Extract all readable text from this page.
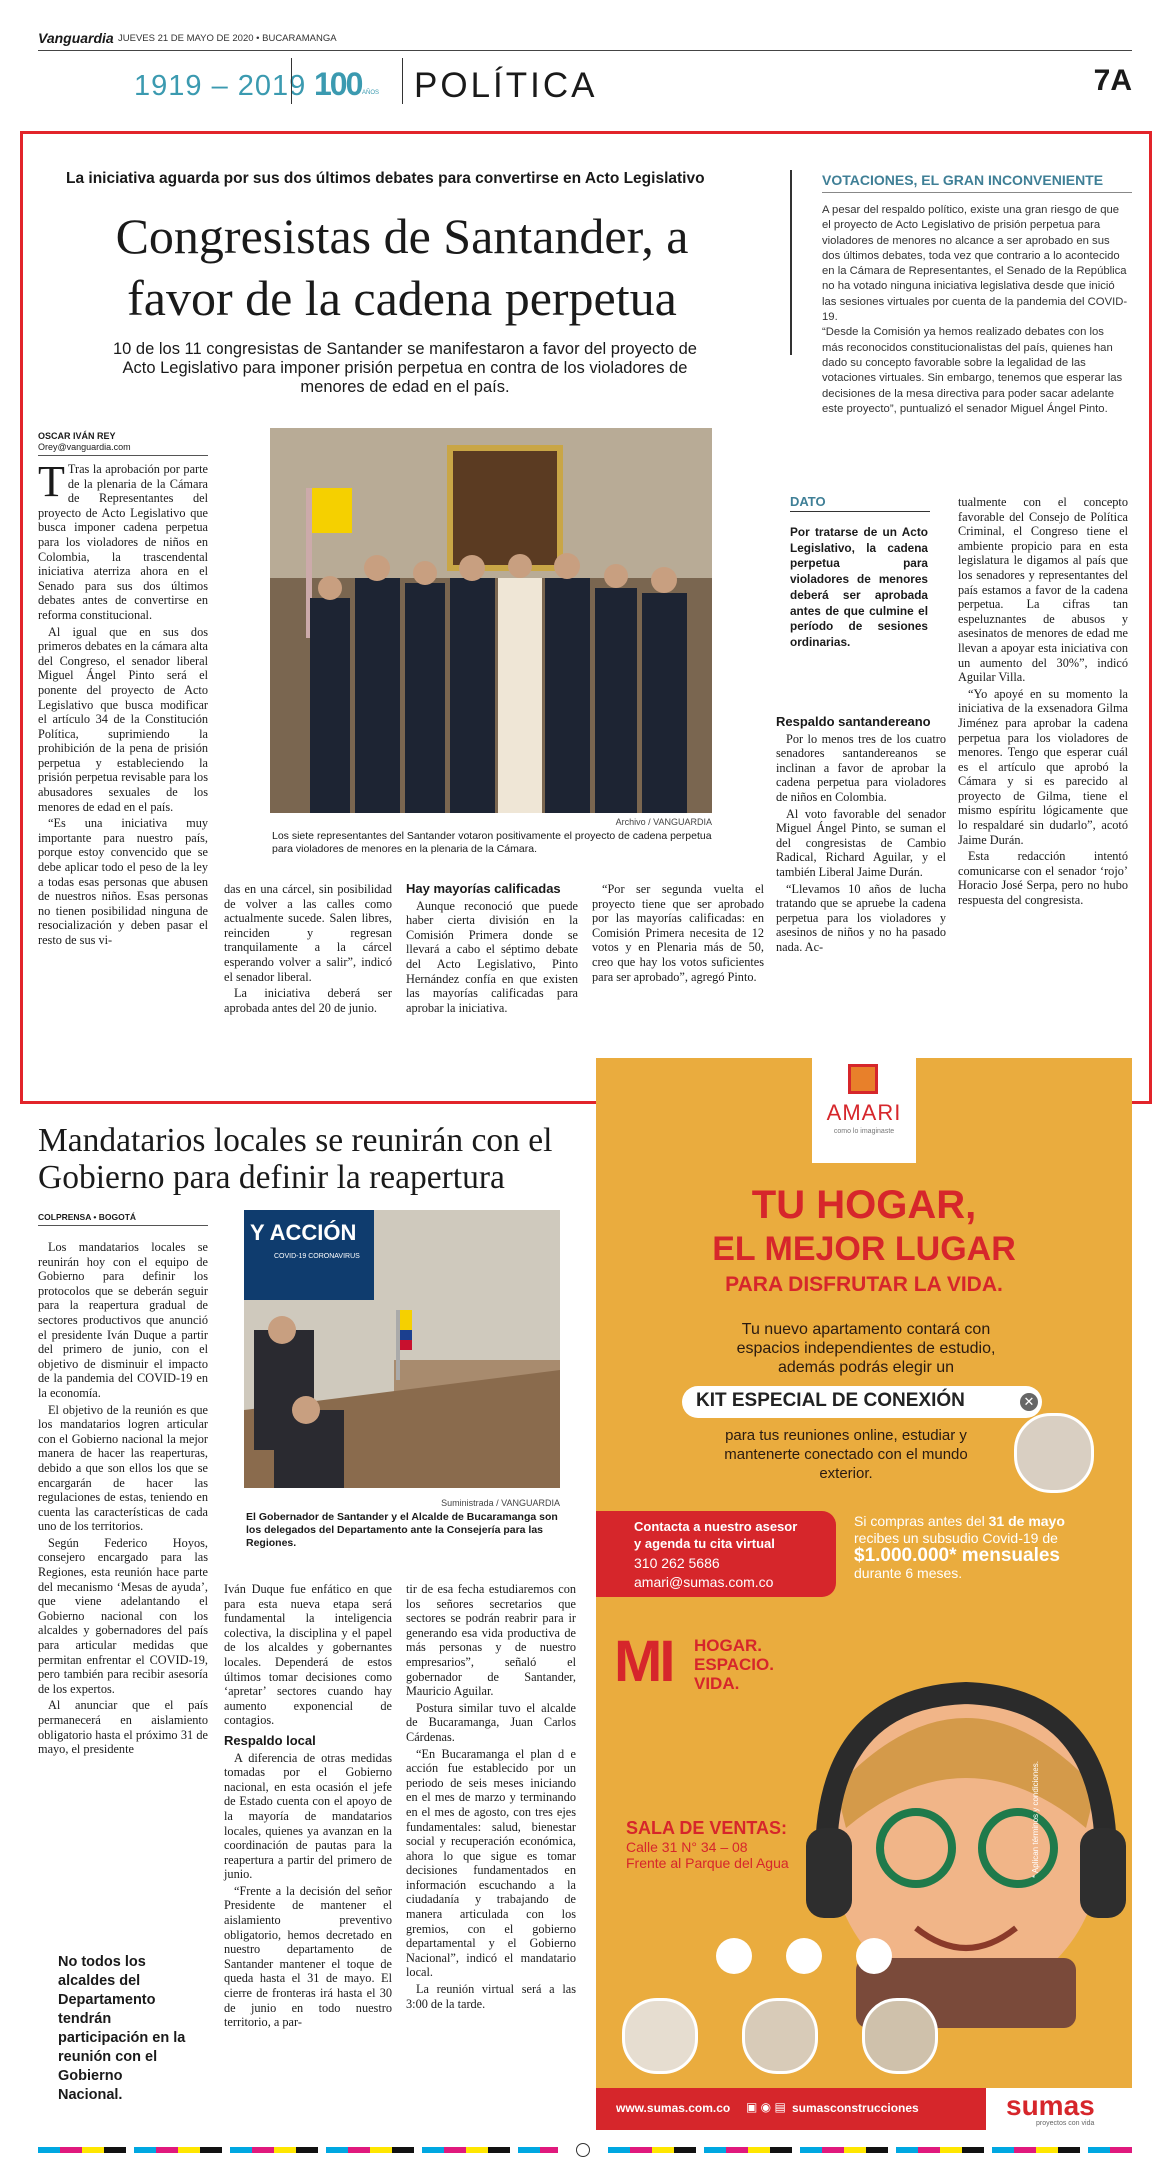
Vanguardia JUEVES 21 DE MAYO DE 2020 • BUCARAMANGA
1919 – 2019 100 AÑOS POLÍTICA	7A
La iniciativa aguarda por sus dos últimos debates para convertirse en Acto Legislativo
Congresistas de Santander, a
favor de la cadena perpetua
10 de los 11 congresistas de Santander se manifestaron a favor del proyecto de Acto Legislativo para imponer prisión perpetua en contra de los violadores de menores de edad en el país.
OSCAR IVÁN REY
Orey@vanguardia.com

T Tras la aprobación por parte de la plenaria de la Cámara de Representantes del proyecto de Acto Legislativo que busca imponer cadena perpetua para los violadores de niños en Colombia, la trascendental iniciativa aterriza ahora en el Senado para sus dos últimos debates antes de convertirse en reforma constitucional.

Al igual que en sus dos primeros debates en la cámara alta del Congreso, el senador liberal Miguel Ángel Pinto será el ponente del proyecto de Acto Legislativo que busca modificar el artículo 34 de la Constitución Política, suprimiendo la prohibición de la pena de prisión perpetua y estableciendo la prisión perpetua revisable para los abusadores sexuales de los menores de edad en el país.

“Es una iniciativa muy importante para nuestro país, porque estoy convencido que se debe aplicar todo el peso de la ley a todas esas personas que abusen de nuestros niños. Esas personas no tienen posibilidad ninguna de resocialización y deben pasar el resto de sus vi-

Archivo / VANGUARDIA
Los siete representantes del Santander votaron positivamente el proyecto de cadena perpetua para violadores de menores en la plenaria de la Cámara.

das en una cárcel, sin posibilidad de volver a las calles como actualmente sucede. Salen libres, reinciden y regresan tranquilamente a la cárcel esperando volver a salir”, indicó el senador liberal.

La iniciativa deberá ser aprobada antes del 20 de junio.

Hay mayorías calificadas

Aunque reconoció que puede haber cierta división en la Comisión Primera donde se llevará a cabo el séptimo debate del Acto Legislativo, Pinto Hernández confía en que existen las mayorías calificadas para aprobar la iniciativa.

“Por ser segunda vuelta el proyecto tiene que ser aprobado por las mayorías calificadas: en Comisión Primera necesita de 12 votos y en Plenaria más de 50, creo que hay los votos suficientes para ser aprobado”, agregó Pinto.

VOTACIONES, EL GRAN INCONVENIENTE
A pesar del respaldo político, existe una gran riesgo de que el proyecto de Acto Legislativo de prisión perpetua para violadores de menores no alcance a ser aprobado en sus dos últimos debates, toda vez que contrario a lo acontecido en la Cámara de Representantes, el Senado de la República no ha votado ninguna iniciativa legislativa desde que inició las sesiones virtuales por cuenta de la pandemia del COVID-19.
“Desde la Comisión ya hemos realizado debates con los más reconocidos constitucionalistas del país, quienes han dado su concepto favorable sobre la legalidad de las votaciones virtuales. Sin embargo, tenemos que esperar las decisiones de la mesa directiva para poder sacar adelante este proyecto”, puntualizó el senador Miguel Ángel Pinto.
DATO
Por tratarse de un Acto Legislativo, la cadena perpetua para violadores de menores deberá ser aprobada antes de que culmine el período de sesiones ordinarias.
Respaldo santandereano

Por lo menos tres de los cuatro senadores santandereanos se inclinan a favor de aprobar la cadena perpetua para violadores de niños en Colombia.

Al voto favorable del senador Miguel Ángel Pinto, se suman el del congresistas de Cambio Radical, Richard Aguilar, y el también Liberal Jaime Durán.

“Llevamos 10 años de lucha tratando que se apruebe la cadena perpetua para los violadores y asesinos de niños y no ha pasado nada. Ac-

tualmente con el concepto favorable del Consejo de Política Criminal, el Congreso tiene el ambiente propicio para en esta legislatura le digamos al país que los senadores y representantes del país estamos a favor de la cadena perpetua. La cifras tan espeluznantes de abusos y asesinatos de menores de edad me llevan a apoyar esta iniciativa con un aumento del 30%”, indicó Aguilar Villa.

“Yo apoyé en su momento la iniciativa de la exsenadora Gilma Jiménez para aprobar la cadena perpetua para los violadores de menores. Tengo que esperar cuál es el artículo que aprobó la Cámara y si es parecido al proyecto de Gilma, tiene el mismo espíritu lógicamente que lo respaldaré sin dudarlo”, acotó Jaime Durán.

Esta redacción intentó comunicarse con el senador ‘rojo’ Horacio José Serpa, pero no hubo respuesta del congresista.

Mandatarios locales se reunirán con el Gobierno para definir la reapertura
COLPRENSA • BOGOTÁ

Los mandatarios locales se reunirán hoy con el equipo de Gobierno para definir los protocolos que se deberán seguir para la reapertura gradual de sectores productivos que anunció el presidente Iván Duque a partir del primero de junio, con el objetivo de disminuir el impacto de la pandemia del COVID-19 en la economía.

El objetivo de la reunión es que los mandatarios logren articular con el Gobierno nacional la mejor manera de hacer las reaperturas, debido a que son ellos los que se encargarán de hacer las regulaciones de estas, teniendo en cuenta las características de cada uno de los territorios.

Según Federico Hoyos, consejero encargado para las Regiones, esta reunión hace parte del mecanismo ‘Mesas de ayuda’, que viene adelantando el Gobierno nacional con los alcaldes y gobernadores del país para articular medidas que permitan enfrentar el COVID-19, pero también para recibir asesoría de los expertos.

Al anunciar que el país permanecerá en aislamiento obligatorio hasta el próximo 31 de mayo, el presidente

No todos los alcaldes del Departamento tendrán participación en la reunión con el Gobierno Nacional.
Y ACCIÓN
COVID-19 CORONAVIRUS
Suministrada / VANGUARDIA
El Gobernador de Santander y el Alcalde de Bucaramanga son los delegados del Departamento ante la Consejería para las Regiones.

Iván Duque fue enfático en que para esta nueva etapa será fundamental la inteligencia colectiva, la disciplina y el papel de los alcaldes y gobernantes locales. Dependerá de estos últimos tomar decisiones como ‘apretar’ sectores cuando hay aumento exponencial de contagios.

Respaldo local

A diferencia de otras medidas tomadas por el Gobierno nacional, en esta ocasión el jefe de Estado cuenta con el apoyo de la mayoría de mandatarios locales, quienes ya avanzan en la coordinación de pautas para la reapertura a partir del primero de junio.

“Frente a la decisión del señor Presidente de mantener el aislamiento preventivo obligatorio, hemos decretado en nuestro departamento de Santander mantener el toque de queda hasta el 31 de mayo. El cierre de fronteras irá hasta el 30 de junio en todo nuestro territorio, a par-

tir de esa fecha estudiaremos con los señores secretarios que sectores se podrán reabrir para ir generando esa vida productiva de más personas y de nuestro empresarios”, señaló el gobernador de Santander, Mauricio Aguilar.

Postura similar tuvo el alcalde de Bucaramanga, Juan Carlos Cárdenas.

“En Bucaramanga el plan d e acción fue establecido por un periodo de seis meses iniciando en el mes de marzo y terminando en el mes de agosto, con tres ejes fundamentales: salud, bienestar social y recuperación económica, ahora lo que sigue es tomar decisiones fundamentados en información escuchando a la ciudadanía y trabajando de manera articulada con los gremios, con el gobierno departamental y el Gobierno Nacional”, indicó el mandatario local.

La reunión virtual será a las 3:00 de la tarde.

AMARI
como lo imaginaste
TU HOGAR,
EL MEJOR LUGAR
PARA DISFRUTAR LA VIDA.
Tu nuevo apartamento contará con espacios independientes de estudio, además podrás elegir un
KIT ESPECIAL DE CONEXIÓN	✕
para tus reuniones online, estudiar y mantenerte conectado con el mundo exterior.
Contacta a nuestro asesor
y agenda tu cita virtual
310 262 5686
amari@sumas.com.co
Si compras antes del 31 de mayo
recibes un subsudio Covid-19 de
$1.000.000* mensuales
durante 6 meses.
MI HOGAR. ESPACIO. VIDA.
SALA DE VENTAS:
Calle 31 N° 34 – 08
Frente al Parque del Agua	* Aplican términos y condiciones.
www.sumas.com.co ▣ ◉ ▤ sumasconstrucciones	sumas
proyectos con vida
